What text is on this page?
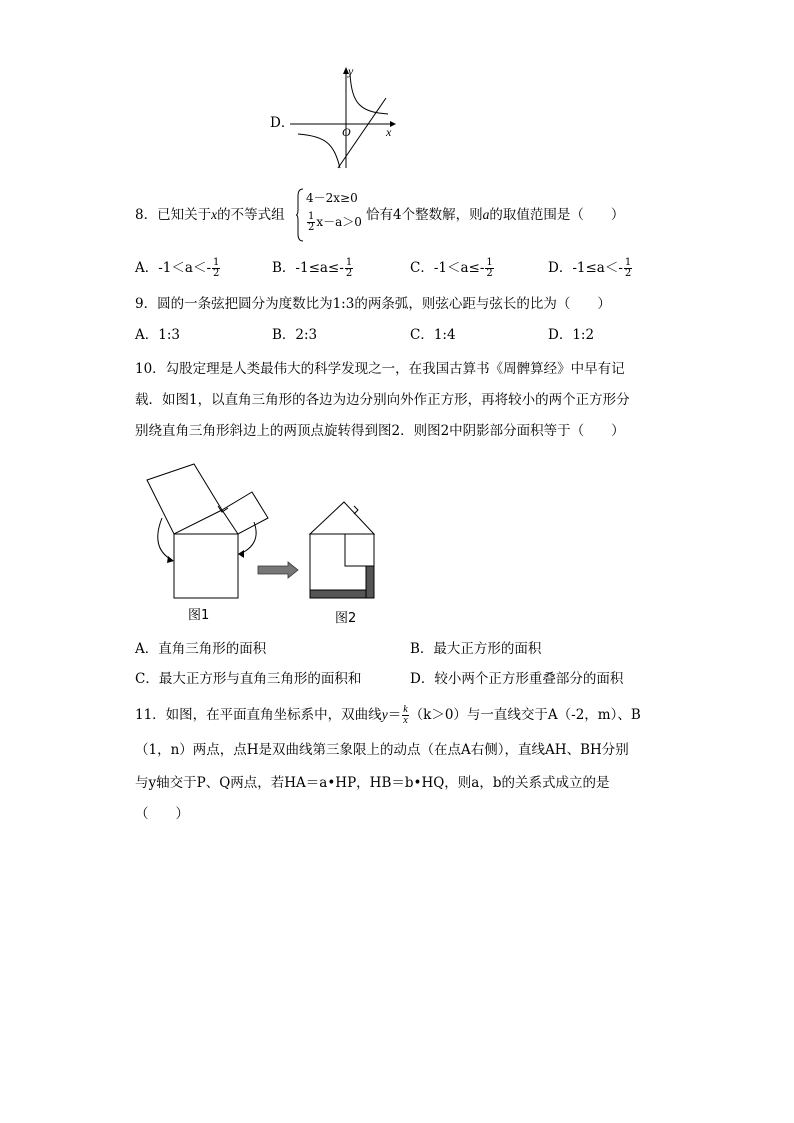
D．
y
x
O
8．已知关于x的不等式组
4－2x≥0
$\frac{1}{2} x-a>0$ 恰有4个整数解，则a的取值范围是（　　）
A．$-1<a<- \frac{1}{2}$	B．$-1\le a\le- \frac{1}{2}$	C．$-1<a\le- \frac{1}{2}$	D．$-1\le a<- \frac{1}{2}$
9．圆的一条弦把圆分为度数比为1:3的两条弧，则弦心距与弦长的比为（　　）
A．1:3	B．2:3	C．1:4	D．1:2
10．勾股定理是人类最伟大的科学发现之一，在我国古算书《周髀算经》中早有记
载．如图1，以直角三角形的各边为边分别向外作正方形，再将较小的两个正方形分
别绕直角三角形斜边上的两顶点旋转得到图2．则图2中阴影部分面积等于（　　）
图1	图2
A．直角三角形的面积	B．最大正方形的面积
C．最大正方形与直角三角形的面积和	D．较小两个正方形重叠部分的面积
11．如图，在平面直角坐标系中，双曲线$y= \frac{k}{x} (k>0)$与一直线交于A（-2，m）、B
（1，n）两点，点H是双曲线第三象限上的动点（在点A右侧），直线AH、BH分别
与y轴交于P、Q两点，若HA＝a•HP，HB＝b•HQ，则a，b的关系式成立的是
（　　）
